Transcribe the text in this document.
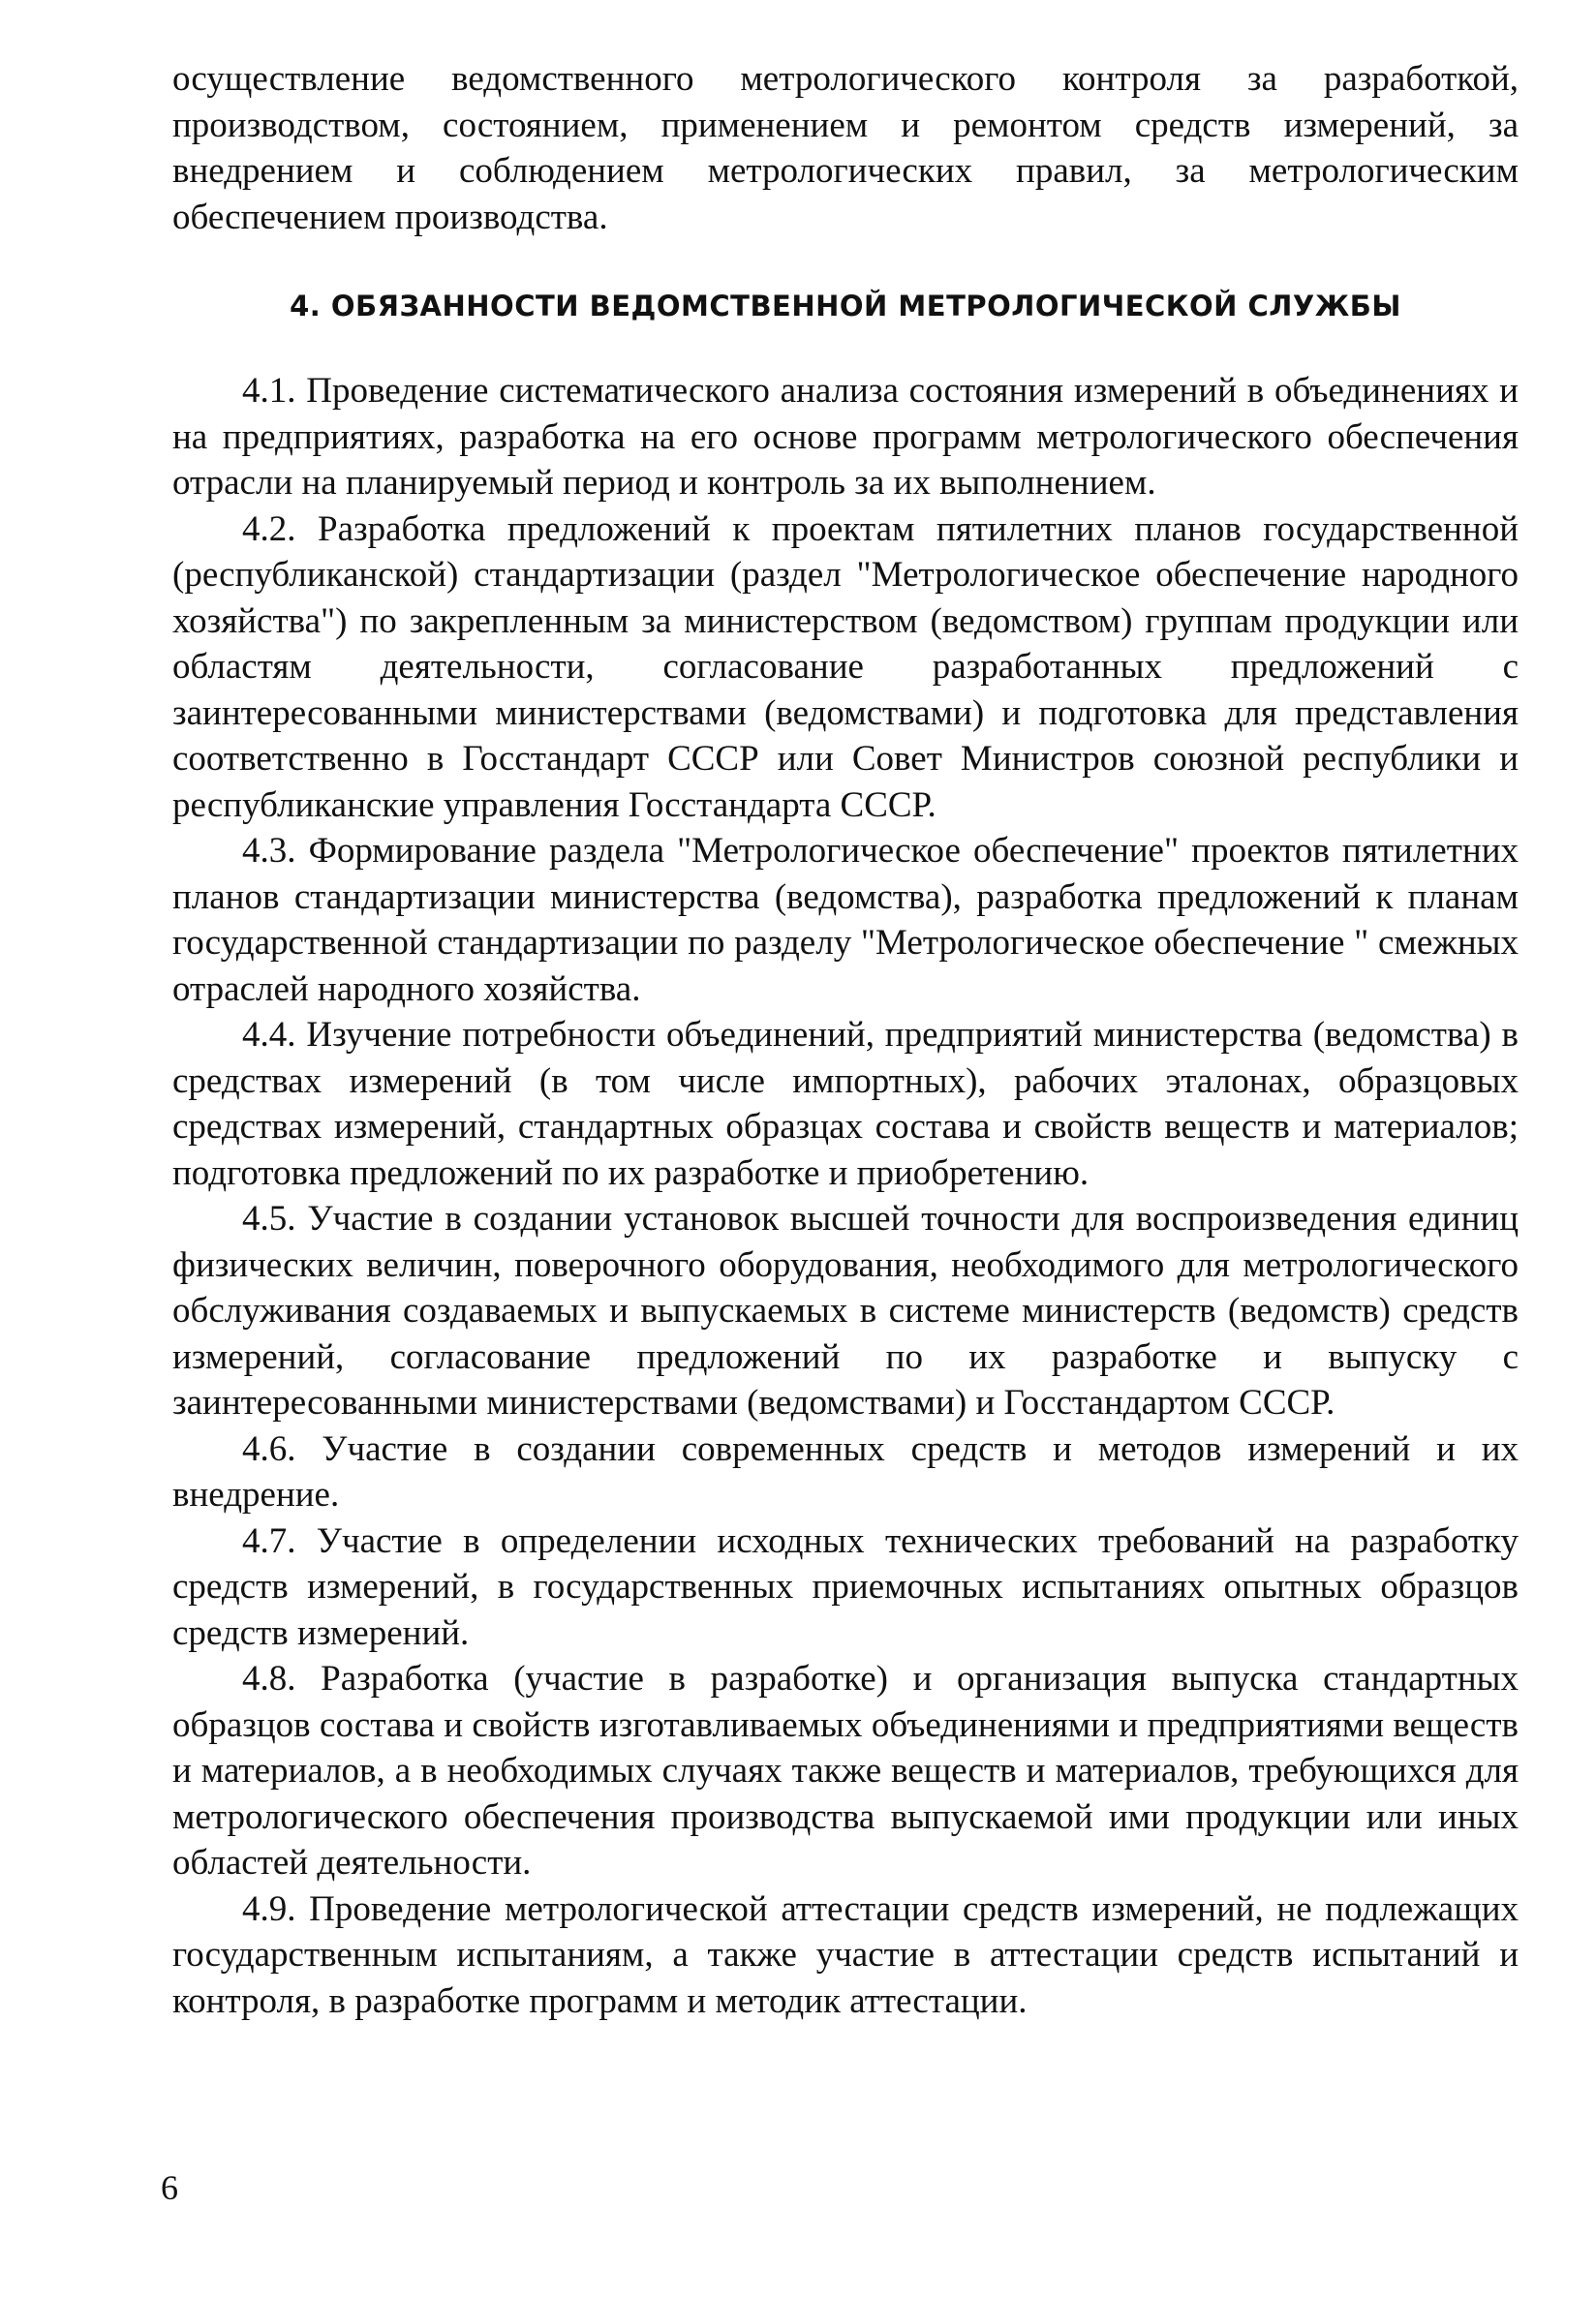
осуществление ведомственного метрологического контроля за разработкой, производством, состоянием, применением и ремонтом средств измерений, за внедрением и соблюдением метрологических правил, за метрологическим обеспечением производства.

4. ОБЯЗАННОСТИ ВЕДОМСТВЕННОЙ МЕТРОЛОГИЧЕСКОЙ СЛУЖБЫ

4.1. Проведение систематического анализа состояния измерений в объединениях и на предприятиях, разработка на его основе программ метрологического обеспечения отрасли на планируемый период и контроль за их выполнением.

4.2. Разработка предложений к проектам пятилетних планов государственной (республиканской) стандартизации (раздел "Метрологическое обеспечение народного хозяйства") по закрепленным за министерством (ведомством) группам продукции или областям деятельности, согласование разработанных предложений с заинтересованными министерствами (ведомствами) и подготовка для представления соответственно в Госстандарт СССР или Совет Министров союзной республики и республиканские управления Госстандарта СССР.

4.3. Формирование раздела "Метрологическое обеспечение" проектов пятилетних планов стандартизации министерства (ведомства), разработка предложений к планам государственной стандартизации по разделу "Метрологическое обеспечение " смежных отраслей народного хозяйства.

4.4. Изучение потребности объединений, предприятий министерства (ведомства) в средствах измерений (в том числе импортных), рабочих эталонах, образцовых средствах измерений, стандартных образцах состава и свойств веществ и материалов; подготовка предложений по их разработке и приобретению.

4.5. Участие в создании установок высшей точности для воспроизведения единиц физических величин, поверочного оборудования, необходимого для метрологического обслуживания создаваемых и выпускаемых в системе министерств (ведомств) средств измерений, согласование предложений по их разработке и выпуску с заинтересованными министерствами (ведомствами) и Госстандартом СССР.

4.6. Участие в создании современных средств и методов измерений и их внедрение.

4.7. Участие в определении исходных технических требований на разработку средств измерений, в государственных приемочных испытаниях опытных образцов средств измерений.

4.8. Разработка (участие в разработке) и организация выпуска стандартных образцов состава и свойств изготавливаемых объединениями и предприятиями веществ и материалов, а в необходимых случаях также веществ и материалов, требующихся для метрологического обеспечения производства выпускаемой ими продукции или иных областей деятельности.

4.9. Проведение метрологической аттестации средств измерений, не подлежащих государственным испытаниям, а также участие в аттестации средств испытаний и контроля, в разработке программ и методик аттестации.

6
